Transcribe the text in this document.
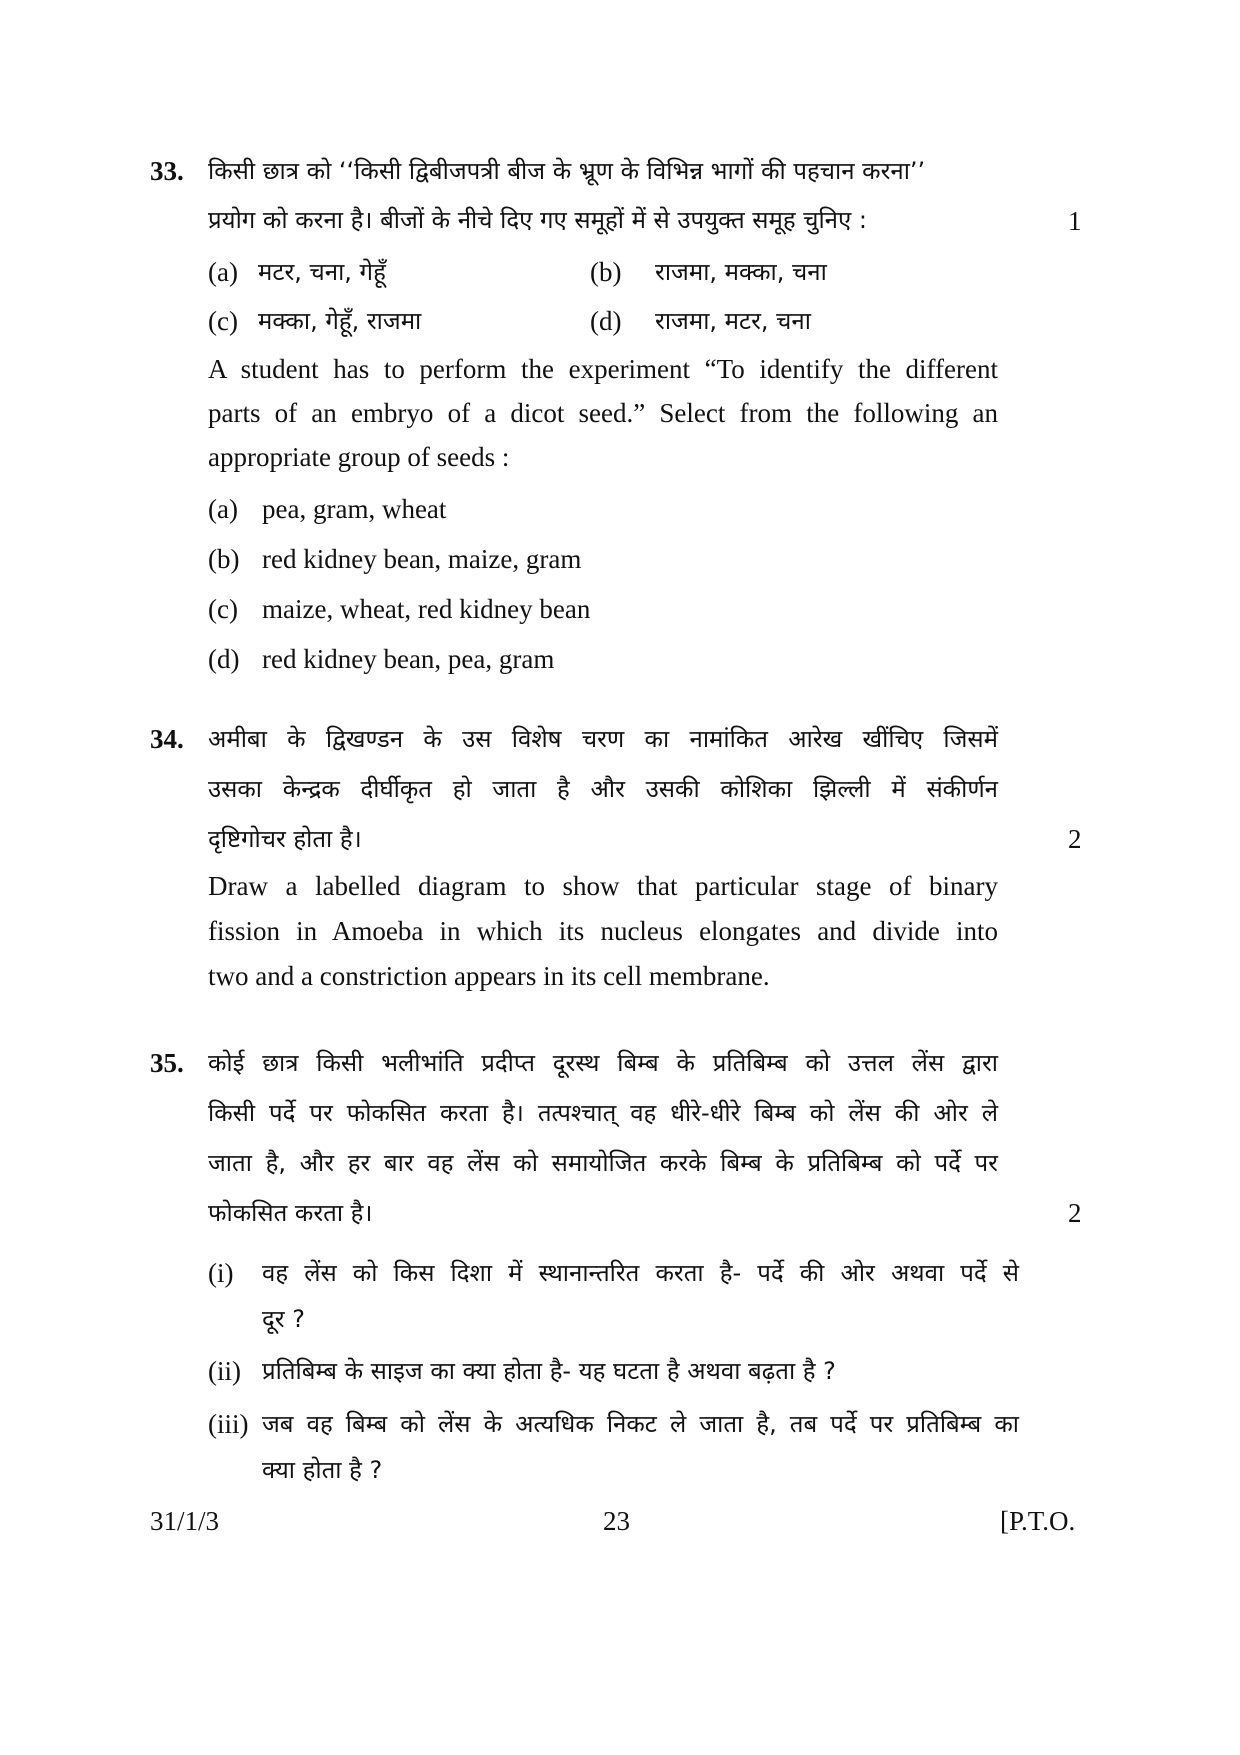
33. किसी छात्र को ‘‘किसी द्विबीजपत्री बीज के भ्रूण के विभिन्न भागों की पहचान करना’’
प्रयोग को करना है। बीजों के नीचे दिए गए समूहों में से उपयुक्त समूह चुनिए :	1
(a) मटर, चना, गेहूँ	(b) राजमा, मक्का, चना
(c) मक्का, गेहूँ, राजमा	(d) राजमा, मटर, चना
A student has to perform the experiment “To identify the different
parts of an embryo of a dicot seed.” Select from the following an
appropriate group of seeds :
(a) pea, gram, wheat
(b) red kidney bean, maize, gram
(c) maize, wheat, red kidney bean
(d) red kidney bean, pea, gram
34. अमीबा के द्विखण्डन के उस विशेष चरण का नामांकित आरेख खींचिए जिसमें
उसका केन्द्रक दीर्घीकृत हो जाता है और उसकी कोशिका झिल्ली में संकीर्णन
दृष्टिगोचर होता है।	2
Draw a labelled diagram to show that particular stage of binary
fission in Amoeba in which its nucleus elongates and divide into
two and a constriction appears in its cell membrane.
35. कोई छात्र किसी भलीभांति प्रदीप्त दूरस्थ बिम्ब के प्रतिबिम्ब को उत्तल लेंस द्वारा
किसी पर्दे पर फोकसित करता है। तत्पश्चात् वह धीरे-धीरे बिम्ब को लेंस की ओर ले
जाता है, और हर बार वह लेंस को समायोजित करके बिम्ब के प्रतिबिम्ब को पर्दे पर
फोकसित करता है।	2
(i) वह लेंस को किस दिशा में स्थानान्तरित करता है- पर्दे की ओर अथवा पर्दे से
दूर ?
(ii) प्रतिबिम्ब के साइज का क्या होता है- यह घटता है अथवा बढ़ता है ?
(iii) जब वह बिम्ब को लेंस के अत्यधिक निकट ले जाता है, तब पर्दे पर प्रतिबिम्ब का
क्या होता है ?
31/1/3	23	[P.T.O.
